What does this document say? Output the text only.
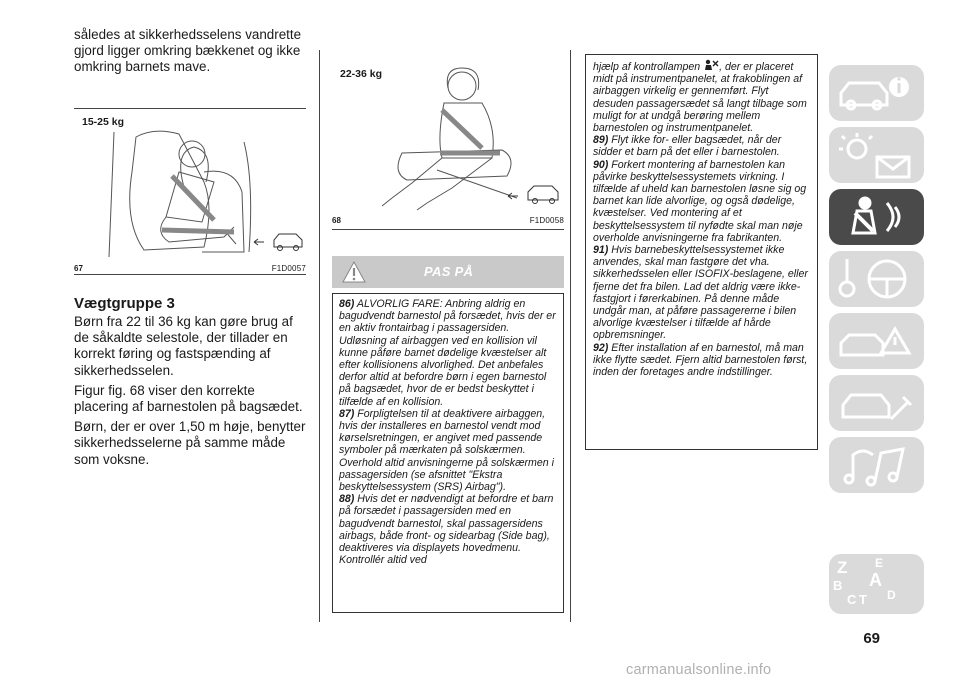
således at sikkerhedsselens vandrette gjord ligger omkring bækkenet og ikke omkring barnets mave.

15-25 kg
67	F1D0057
Vægtgruppe 3

Børn fra 22 til 36 kg kan gøre brug af de såkaldte selestole, der tillader en korrekt føring og fastspænding af sikkerhedsselen.

Figur fig. 68 viser den korrekte placering af barnestolen på bagsædet.

Børn, der er over 1,50 m høje, benytter sikkerhedsselerne på samme måde som voksne.

22-36 kg
68	F1D0058
PAS PÅ

86) ALVORLIG FARE: Anbring aldrig en bagudvendt barnestol på forsædet, hvis der er en aktiv frontairbag i passagersiden. Udløsning af airbaggen ved en kollision vil kunne påføre barnet dødelige kvæstelser alt efter kollisionens alvorlighed. Det anbefales derfor altid at befordre børn i egen barnestol på bagsædet, hvor de er bedst beskyttet i tilfælde af en kollision.

87) Forpligtelsen til at deaktivere airbaggen, hvis der installeres en barnestol vendt mod kørselsretningen, er angivet med passende symboler på mærkaten på solskærmen. Overhold altid anvisningerne på solskærmen i passagersiden (se afsnittet "Ekstra beskyttelsessystem (SRS) Airbag").

88) Hvis det er nødvendigt at befordre et barn på forsædet i passagersiden med en bagudvendt barnestol, skal passagersidens airbags, både front- og sidearbag (Side bag), deaktiveres via displayets hovedmenu. Kontrollér altid ved

hjælp af kontrollampen , der er placeret midt på instrumentpanelet, at frakoblingen af airbaggen virkelig er gennemført. Flyt desuden passagersædet så langt tilbage som muligt for at undgå berøring mellem barnestolen og instrumentpanelet.

89) Flyt ikke for- eller bagsædet, når der sidder et barn på det eller i barnestolen.

90) Forkert montering af barnestolen kan påvirke beskyttelsessystemets virkning. I tilfælde af uheld kan barnestolen løsne sig og barnet kan lide alvorlige, og også dødelige, kvæstelser. Ved montering af et beskyttelsessystem til nyfødte skal man nøje overholde anvisningerne fra fabrikanten.

91) Hvis barnebeskyttelsessystemet ikke anvendes, skal man fastgøre det vha. sikkerhedsselen eller ISOFIX-beslagene, eller fjerne det fra bilen. Lad det aldrig være ikke-fastgjort i førerkabinen. På denne måde undgår man, at påføre passagererne i bilen alvorlige kvæstelser i tilfælde af hårde opbremsninger.

92) Efter installation af en barnestol, må man ikke flytte sædet. Fjern altid barnestolen først, inden der foretages andre indstillinger.

Z E
A
B
C T D
69
carmanualsonline.info
